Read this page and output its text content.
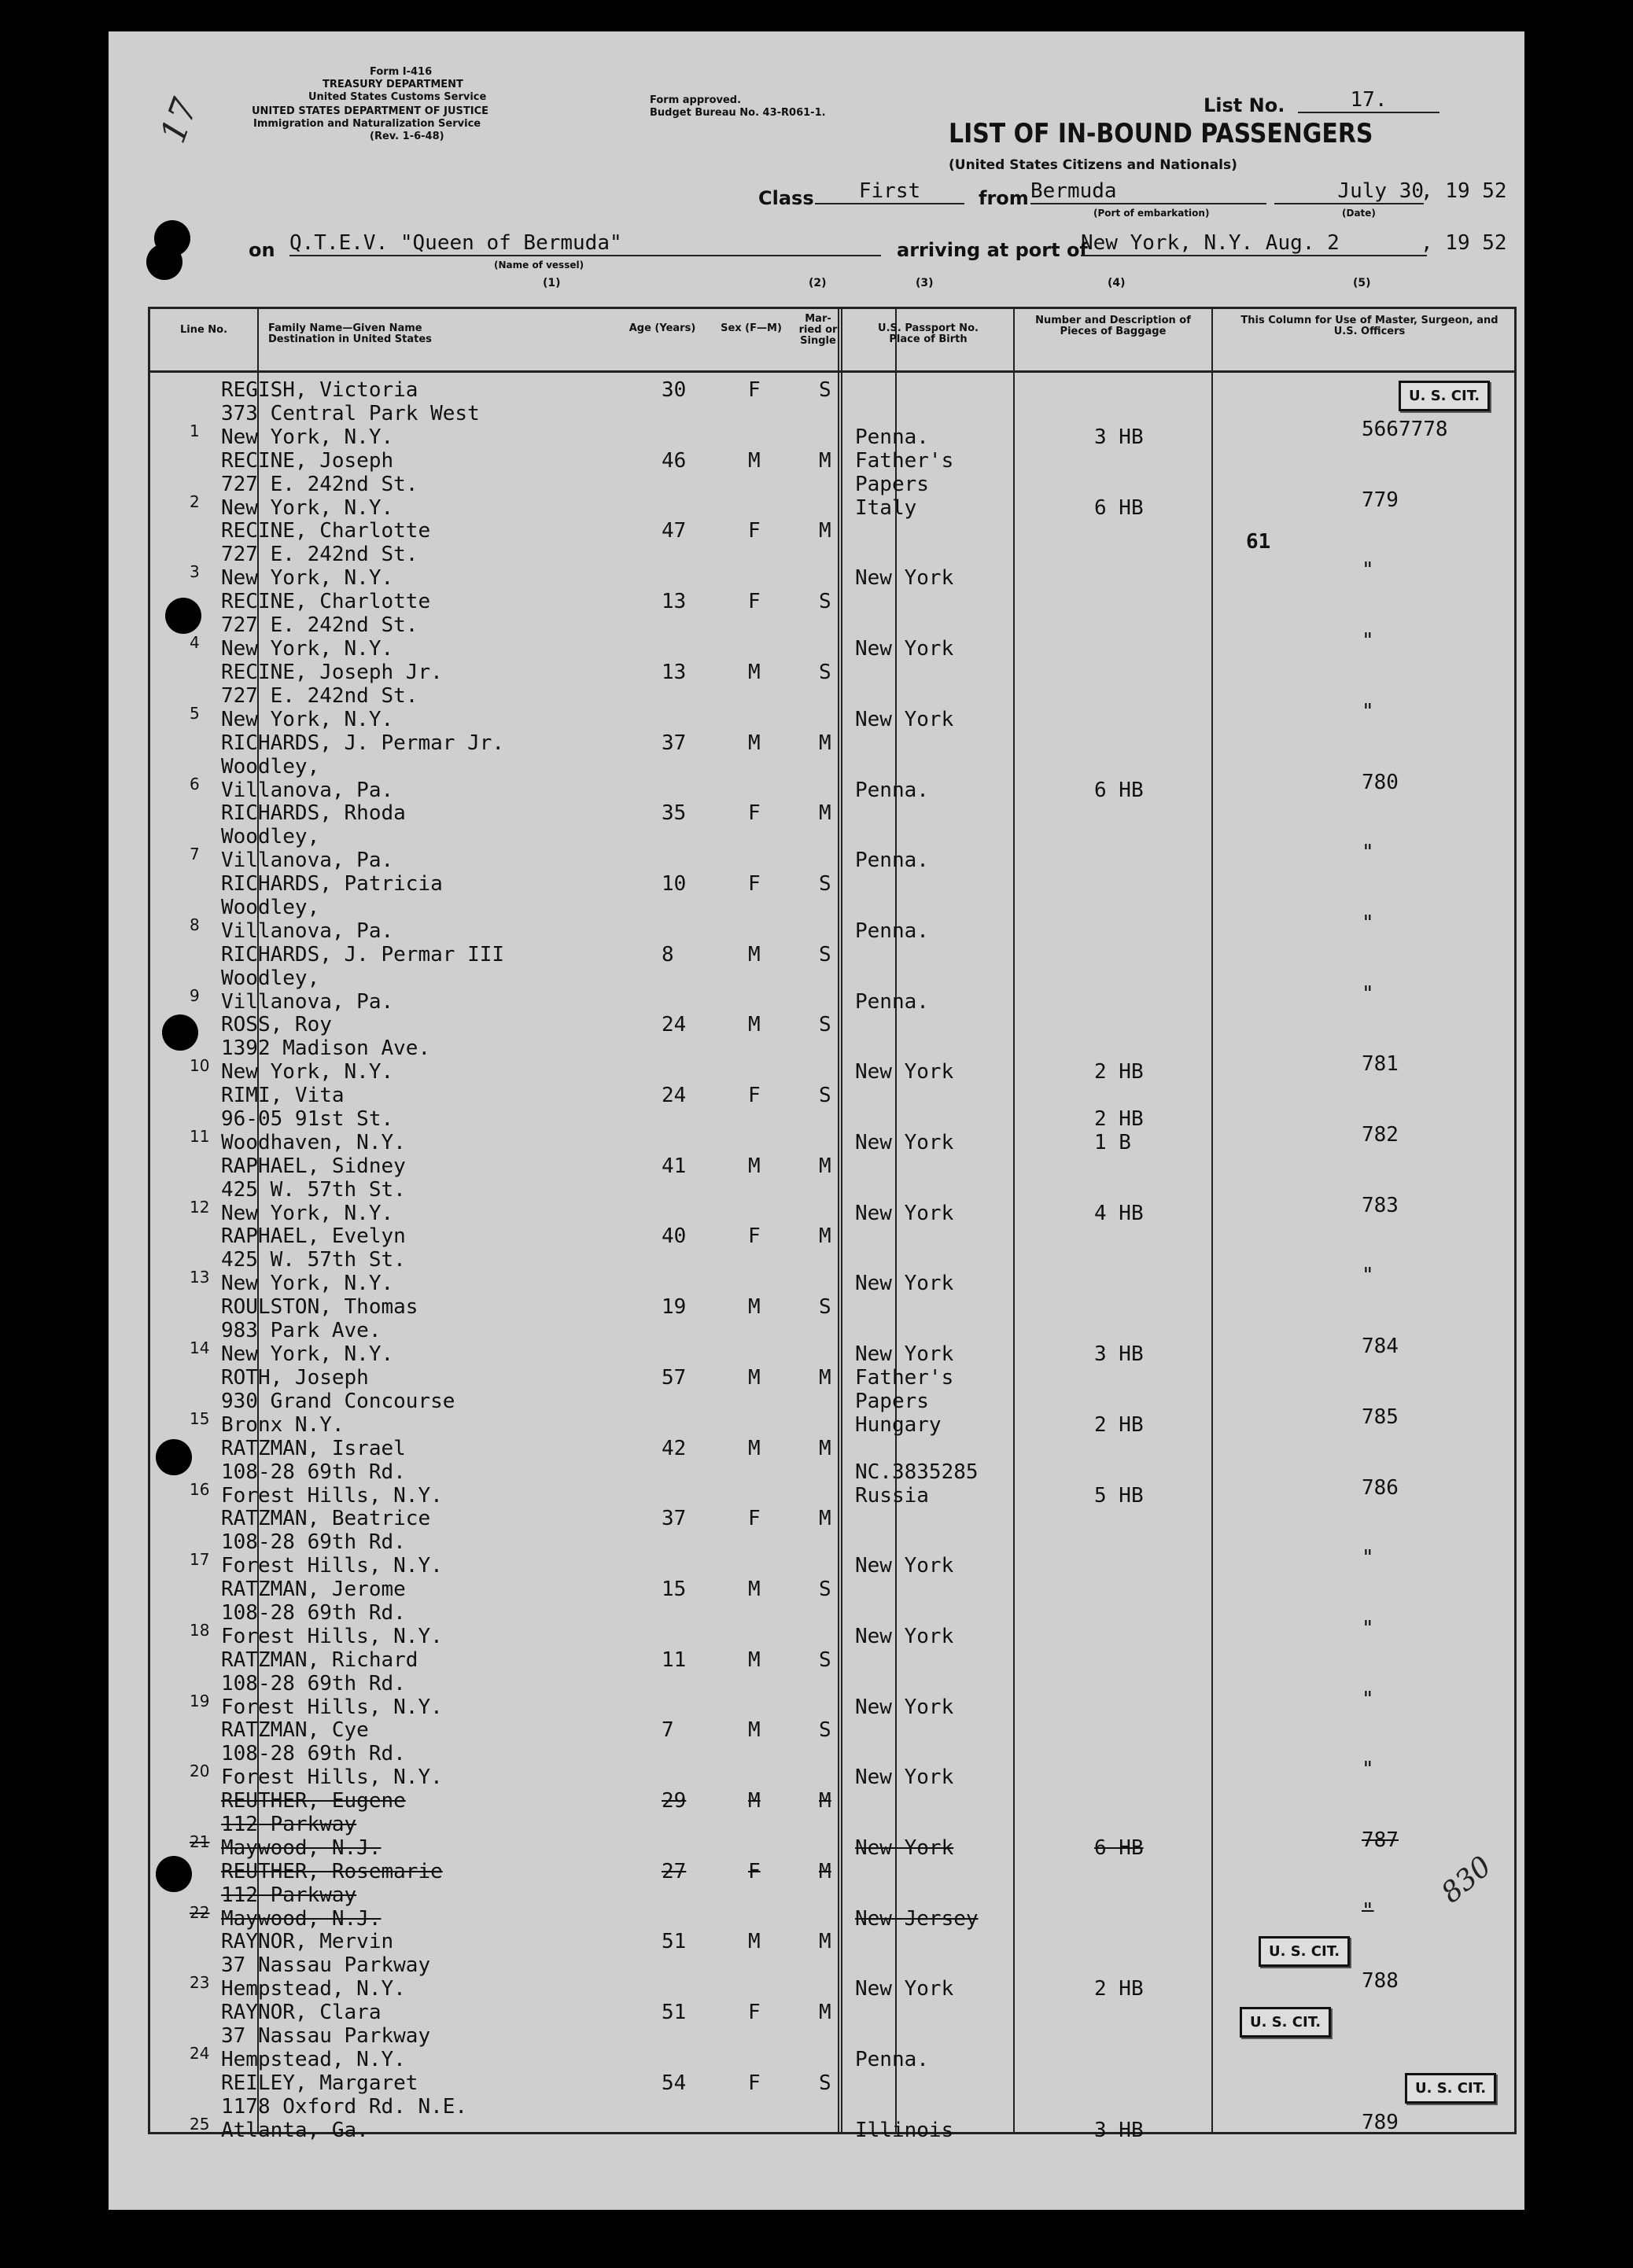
17
Form I-416
TREASURY DEPARTMENT
United States Customs Service
UNITED STATES DEPARTMENT OF JUSTICE
Immigration and Naturalization Service
(Rev. 1-6-48)
Form approved.
Budget Bureau No. 43-R061-1.	List No.	17.
LIST OF IN-BOUND PASSENGERS
(United States Citizens and Nationals)
Class	First	from Bermuda
(Port of embarkation)
July 30
, 19 52
(Date)
on Q.T.E.V. "Queen of Bermuda"
(Name of vessel)
arriving at port of
New York, N.Y. Aug. 2	, 19 52
(1)	(2)	(3)	(4)	(5)
Line No.	Family Name—Given Name
Destination in United States
Age (Years) Sex (F—M)
Mar-ried or Single
U.S. Passport No.
Place of Birth
Number and Description of Pieces of Baggage
This Column for Use of Master, Surgeon, and U.S. Officers
1
REGISH, Victoria
373 Central Park West
New York, N.Y.
30	F	S
Penna.	3 HB	5667778
2
RECINE, Joseph
727 E. 242nd St.
New York, N.Y.
46	M	M Father's
Papers
Italy	6 HB	779
3
RECINE, Charlotte
727 E. 242nd St.
New York, N.Y.
47	F	M
New York	"
4
RECINE, Charlotte
727 E. 242nd St.
New York, N.Y.
13	F	S
New York	"
5
RECINE, Joseph Jr.
727 E. 242nd St.
New York, N.Y.
13	M	S
New York	"
6
RICHARDS, J. Permar Jr.
Woodley,
Villanova, Pa.
37	M	M
Penna.	6 HB	780
7
RICHARDS, Rhoda
Woodley,
Villanova, Pa.
35	F	M
Penna.	"
8
RICHARDS, Patricia
Woodley,
Villanova, Pa.
10	F	S
Penna.	"
9
RICHARDS, J. Permar III
Woodley,
Villanova, Pa.
8	M	S
Penna.	"
10
ROSS, Roy
1392 Madison Ave.
New York, N.Y.
24	M	S
New York	2 HB	781
11
RIMI, Vita
96-05 91st St.
Woodhaven, N.Y.
24	F	S
New York
2 HB
1 B	782
12
RAPHAEL, Sidney
425 W. 57th St.
New York, N.Y.
41	M	M
New York	4 HB	783
13
RAPHAEL, Evelyn
425 W. 57th St.
New York, N.Y.
40	F	M
New York	"
14
ROULSTON, Thomas
983 Park Ave.
New York, N.Y.
19	M	S
New York	3 HB	784
15
ROTH, Joseph
930 Grand Concourse
Bronx N.Y.
57	M	M Father's
Papers
Hungary	2 HB	785
16
RATZMAN, Israel
108-28 69th Rd.
Forest Hills, N.Y.
42	M	M
NC.3835285
Russia	5 HB	786
17
RATZMAN, Beatrice
108-28 69th Rd.
Forest Hills, N.Y.
37	F	M
New York	"
18
RATZMAN, Jerome
108-28 69th Rd.
Forest Hills, N.Y.
15	M	S
New York	"
19
RATZMAN, Richard
108-28 69th Rd.
Forest Hills, N.Y.
11	M	S
New York	"
20
RATZMAN, Cye
108-28 69th Rd.
Forest Hills, N.Y.
7	M	S
New York	"
21
REUTHER, Eugene
112 Parkway
Maywood, N.J.
29	M	M
New York	6 HB	787
22
REUTHER, Rosemarie
112 Parkway
Maywood, N.J.
27	F	M
New Jersey	"
23
RAYNOR, Mervin
37 Nassau Parkway
Hempstead, N.Y.
51	M	M
New York	2 HB	788
24
RAYNOR, Clara
37 Nassau Parkway
Hempstead, N.Y.
51	F	M
Penna.
25
REILEY, Margaret
1178 Oxford Rd. N.E.
Atlanta, Ga.
54	F	S
Illinois	3 HB	789
U. S. CIT.
U. S. CIT.
U. S. CIT.
U. S. CIT.
61
830
